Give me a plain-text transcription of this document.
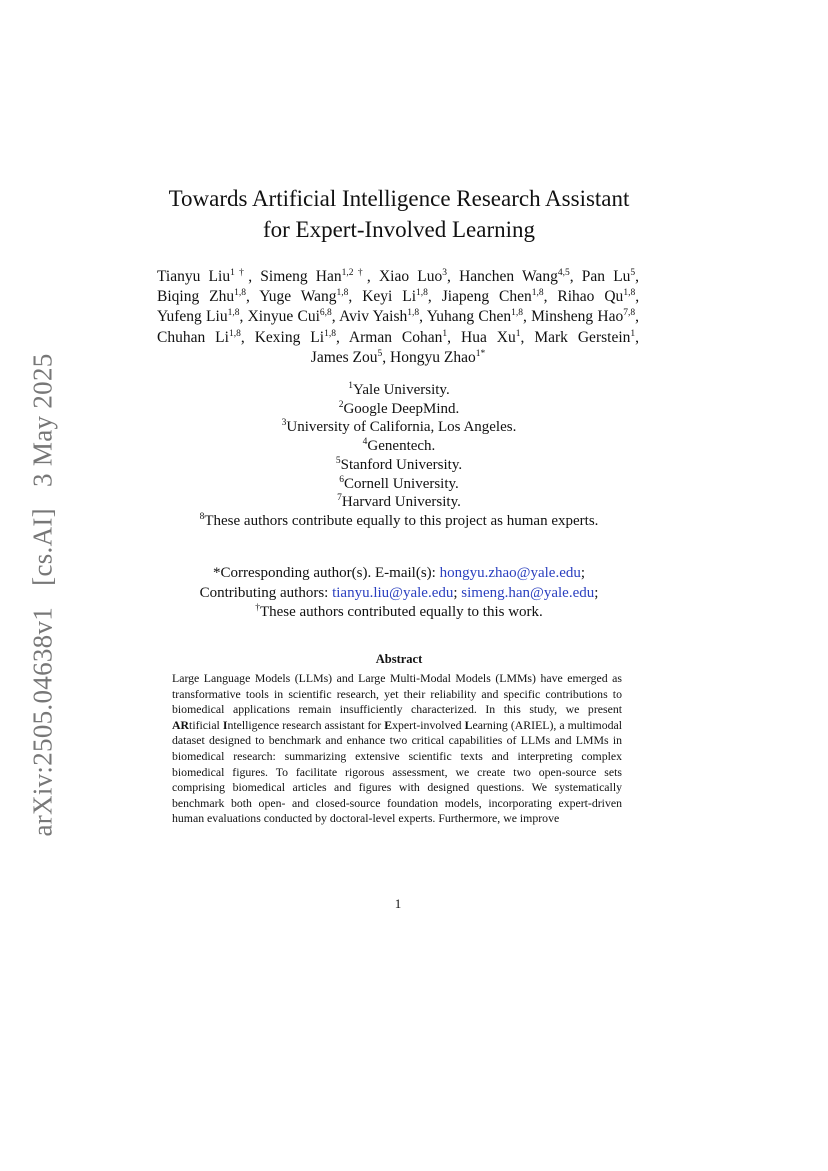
arXiv:2505.04638v1 [cs.AI] 3 May 2025
Towards Artificial Intelligence Research Assistant
for Expert-Involved Learning
Tianyu Liu$^{1\dagger}$, Simeng Han$^{1,2\dagger}$, Xiao Luo$^3$, Hanchen Wang$^{4,5}$, Pan Lu$^5$, Biqing Zhu$^{1,8}$, Yuge Wang$^{1,8}$, Keyi Li$^{1,8}$, Jiapeng Chen$^{1,8}$, Rihao Qu$^{1,8}$, Yufeng Liu$^{1,8}$, Xinyue Cui$^{6,8}$, Aviv Yaish$^{1,8}$, Yuhang Chen$^{1,8}$, Minsheng Hao$^{7,8}$, Chuhan Li$^{1,8}$, Kexing Li$^{1,8}$, Arman Cohan$^1$, Hua Xu$^1$, Mark Gerstein$^1$, James Zou$^5$, Hongyu Zhao$^{1*}$
$^1$Yale University.
$^2$Google DeepMind.
$^3$University of California, Los Angeles.
$^4$Genentech.
$^5$Stanford University.
$^6$Cornell University.
$^7$Harvard University.
$^8$These authors contribute equally to this project as human experts.
*Corresponding author(s). E-mail(s): hongyu.zhao@yale.edu;
Contributing authors: tianyu.liu@yale.edu; simeng.han@yale.edu;
†These authors contributed equally to this work.
Abstract
Large Language Models (LLMs) and Large Multi-Modal Models (LMMs) have emerged as transformative tools in scientific research, yet their reliability and specific contributions to biomedical applications remain insufficiently characterized. In this study, we present ARtificial Intelligence research assistant for Expert-involved Learning (ARIEL), a multimodal dataset designed to benchmark and enhance two critical capabilities of LLMs and LMMs in biomedical research: summarizing extensive scientific texts and interpreting complex biomedical figures. To facilitate rigorous assessment, we create two open-source sets comprising biomedical articles and figures with designed questions. We systematically benchmark both open- and closed-source foundation models, incorporating expert-driven human evaluations conducted by doctoral-level experts. Furthermore, we improve
1
